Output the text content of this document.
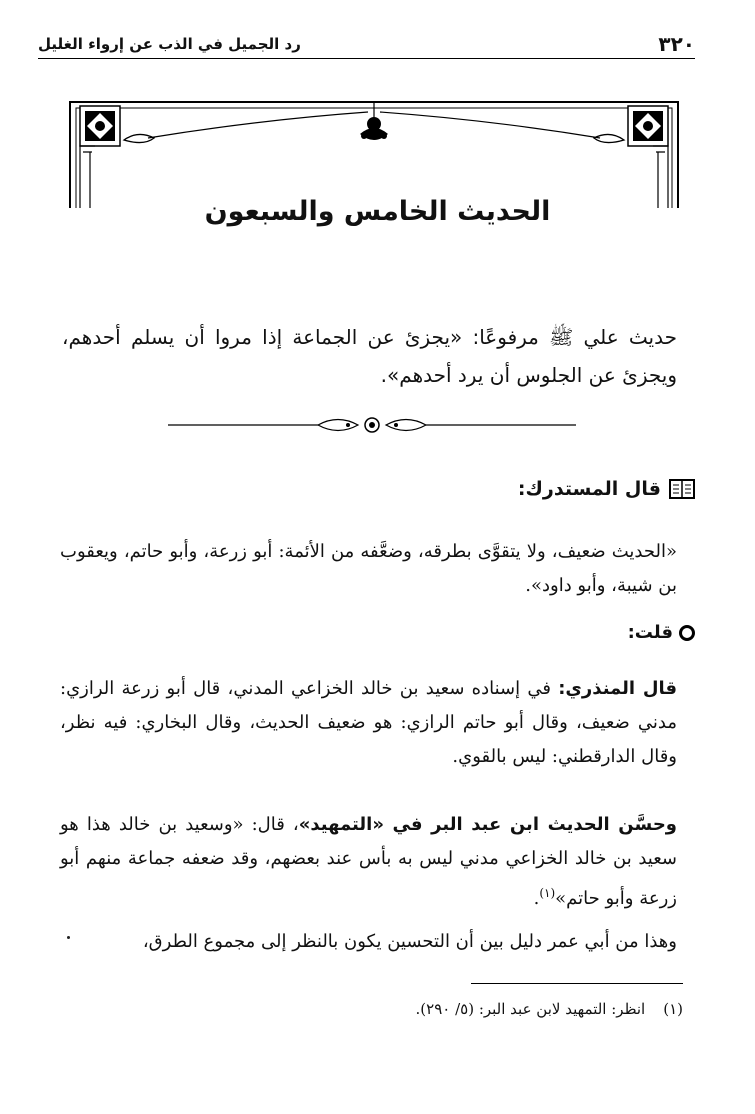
٣٢٠
رد الجميل في الذب عن إرواء الغليل
الحديث الخامس والسبعون
حديث علي ﷺ مرفوعًا: «يجزئ عن الجماعة إذا مروا أن يسلم أحدهم، ويجزئ عن الجلوس أن يرد أحدهم».
قال المستدرك:
«الحديث ضعيف، ولا يتقوَّى بطرقه، وضعَّفه من الأئمة: أبو زرعة، وأبو حاتم، ويعقوب بن شيبة، وأبو داود».
قلت:
قال المنذري: في إسناده سعيد بن خالد الخزاعي المدني، قال أبو زرعة الرازي: مدني ضعيف، وقال أبو حاتم الرازي: هو ضعيف الحديث، وقال البخاري: فيه نظر، وقال الدارقطني: ليس بالقوي.
وحسَّن الحديث ابن عبد البر في «التمهيد»، قال: «وسعيد بن خالد هذا هو سعيد بن خالد الخزاعي مدني ليس به بأس عند بعضهم، وقد ضعفه جماعة منهم أبو زرعة وأبو حاتم»$^{(١)}$.
وهذا من أبي عمر دليل بين أن التحسين يكون بالنظر إلى مجموع الطرق،
(١)
انظر: التمهيد لابن عبد البر: (٥/ ٢٩٠).
